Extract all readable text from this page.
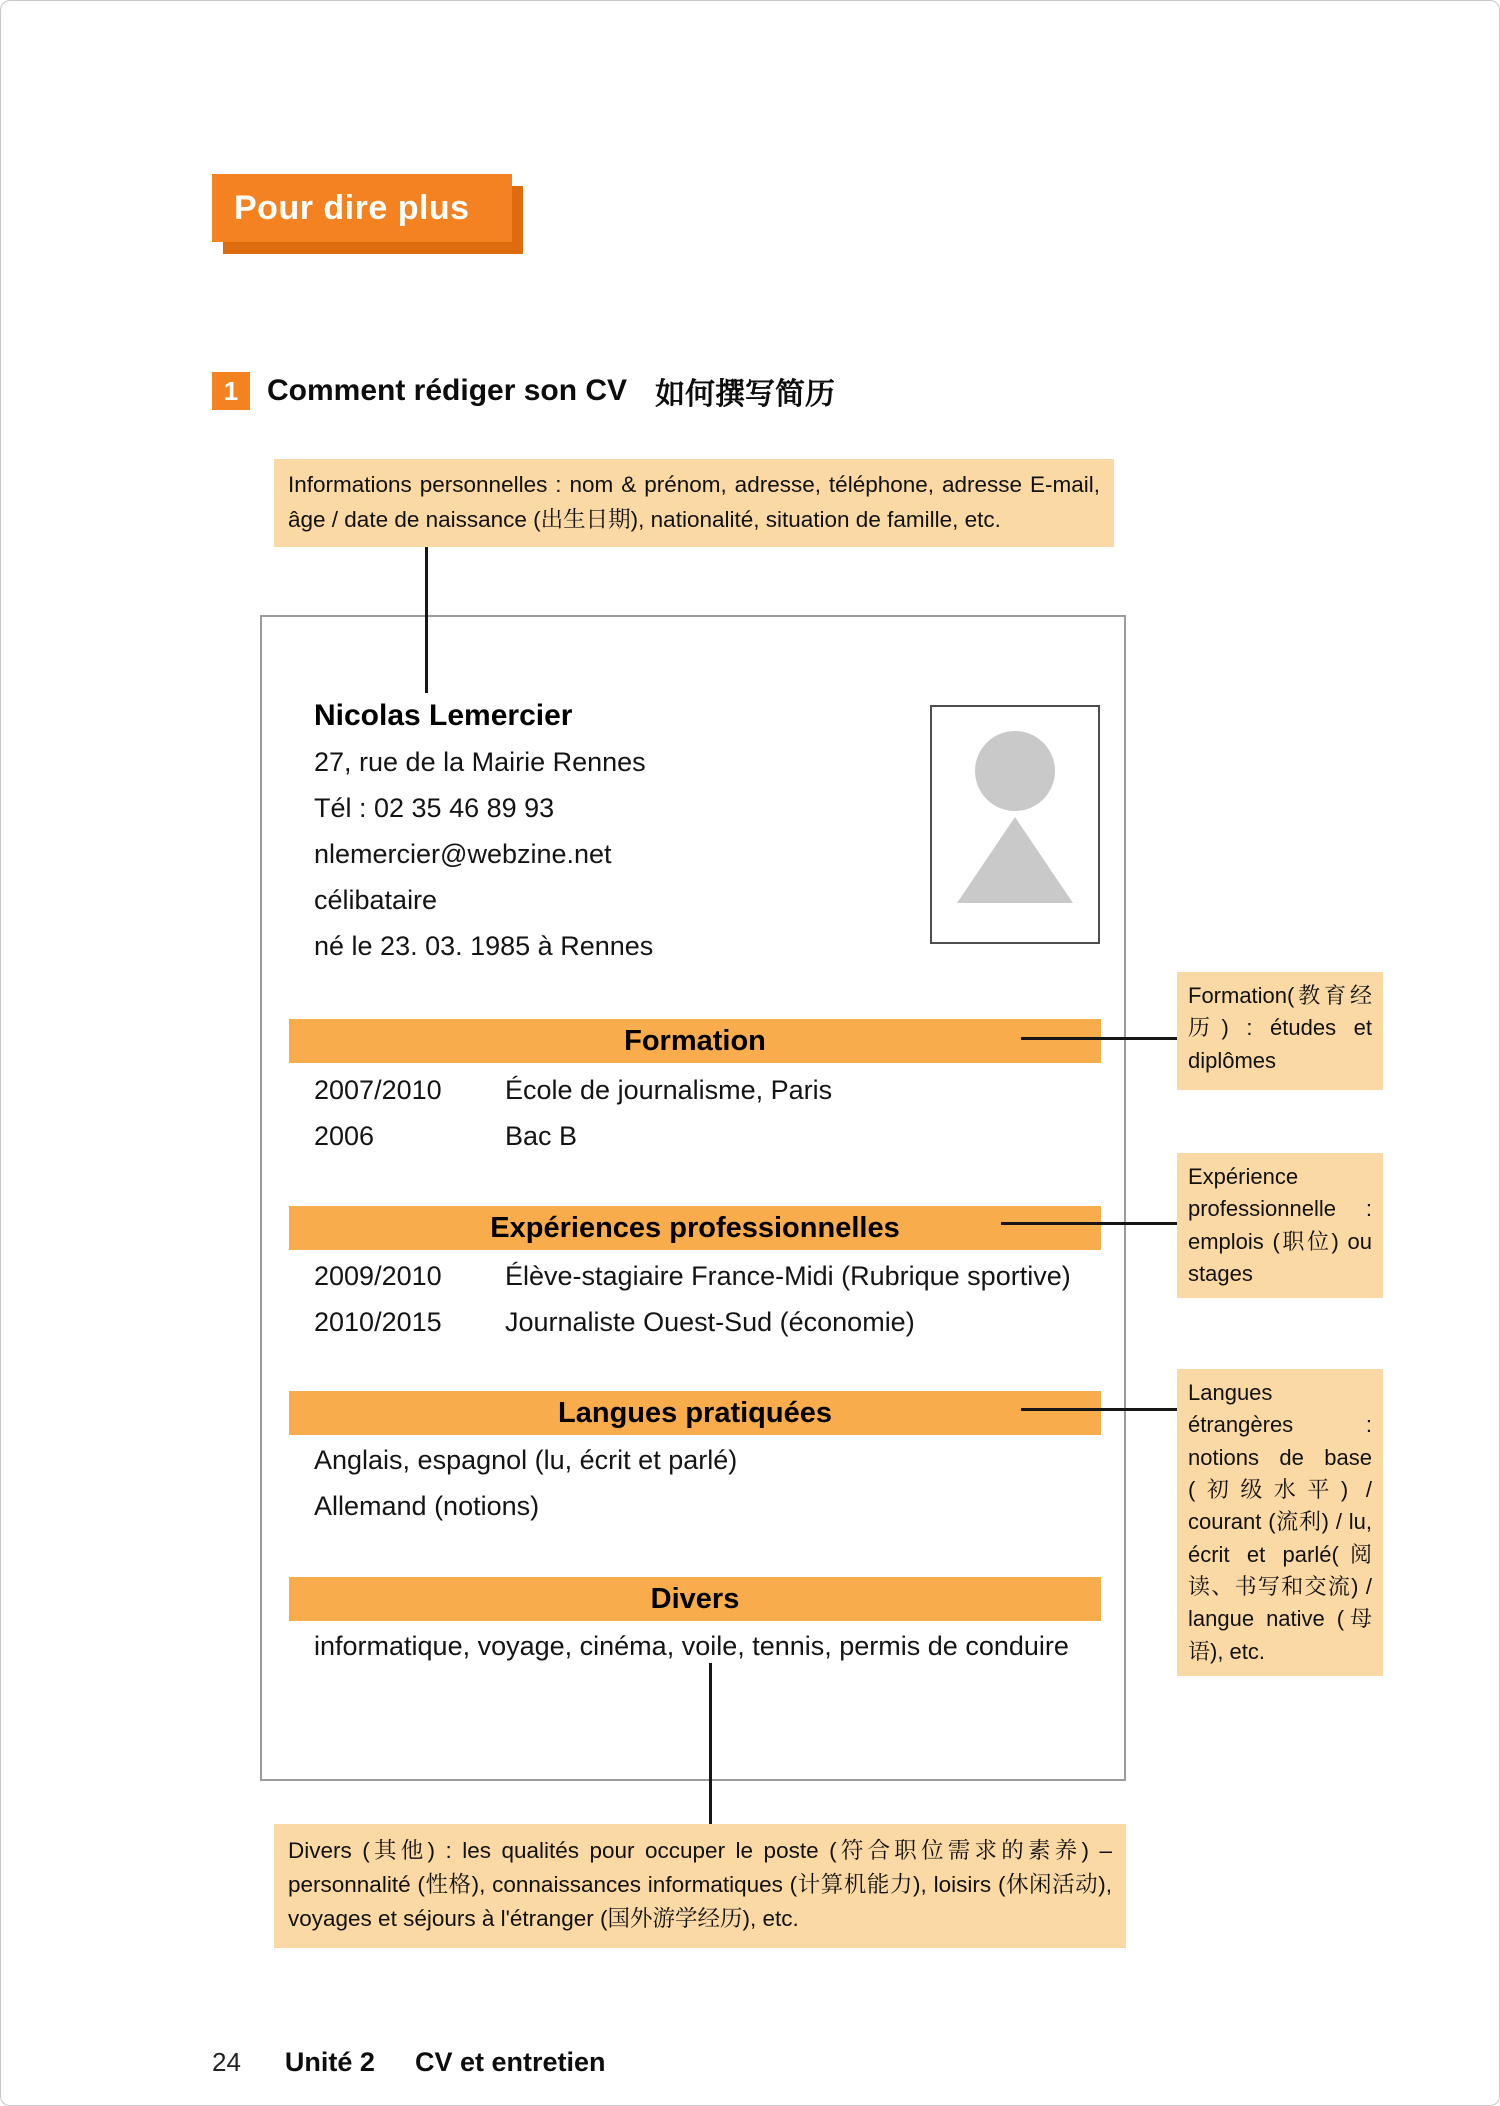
Pour dire plus
1 Comment rédiger son CV 如何撰写简历
Informations personnelles : nom & prénom, adresse, téléphone, adresse E-mail, âge / date de naissance (出生日期), nationalité, situation de famille, etc.
Nicolas Lemercier
27, rue de la Mairie Rennes
Tél : 02 35 46 89 93
nlemercier@webzine.net
célibataire
né le 23. 03. 1985 à Rennes
Formation
2007/2010 École de journalisme, Paris
2006	Bac B
Expériences professionnelles
2009/2010 Élève-stagiaire France-Midi (Rubrique sportive)
2010/2015 Journaliste Ouest-Sud (économie)
Langues pratiquées
Anglais, espagnol (lu, écrit et parlé)
Allemand (notions)
Divers
informatique, voyage, cinéma, voile, tennis, permis de conduire
Formation(教育经历) : études et diplômes
Expérience professionnelle : emplois (职位) ou stages
Langues étrangères : notions de base (初级水平) / courant (流利) / lu, écrit et parlé(阅读、书写和交流) / langue native (母语), etc.
Divers (其他) : les qualités pour occuper le poste (符合职位需求的素养) – personnalité (性格), connaissances informatiques (计算机能力), loisirs (休闲活动), voyages et séjours à l'étranger (国外游学经历), etc.
24 Unité 2 CV et entretien
